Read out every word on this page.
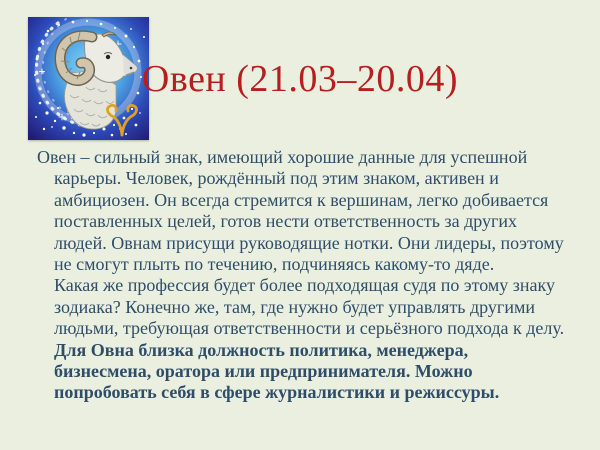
Овен (21.03–20.04)
Овен – сильный знак, имеющий хорошие данные для успешной
карьеры. Человек, рождённый под этим знаком, активен и
амбициозен. Он всегда стремится к вершинам, легко добивается
поставленных целей, готов нести ответственность за других
людей. Овнам присущи руководящие нотки. Они лидеры, поэтому
не смогут плыть по течению, подчиняясь какому-то дяде.
Какая же профессия будет более подходящая судя по этому знаку
зодиака? Конечно же, там, где нужно будет управлять другими
людьми, требующая ответственности и серьёзного подхода к делу.
Для Овна близка должность политика, менеджера,
бизнесмена, оратора или предпринимателя. Можно
попробовать себя в сфере журналистики и режиссуры.
